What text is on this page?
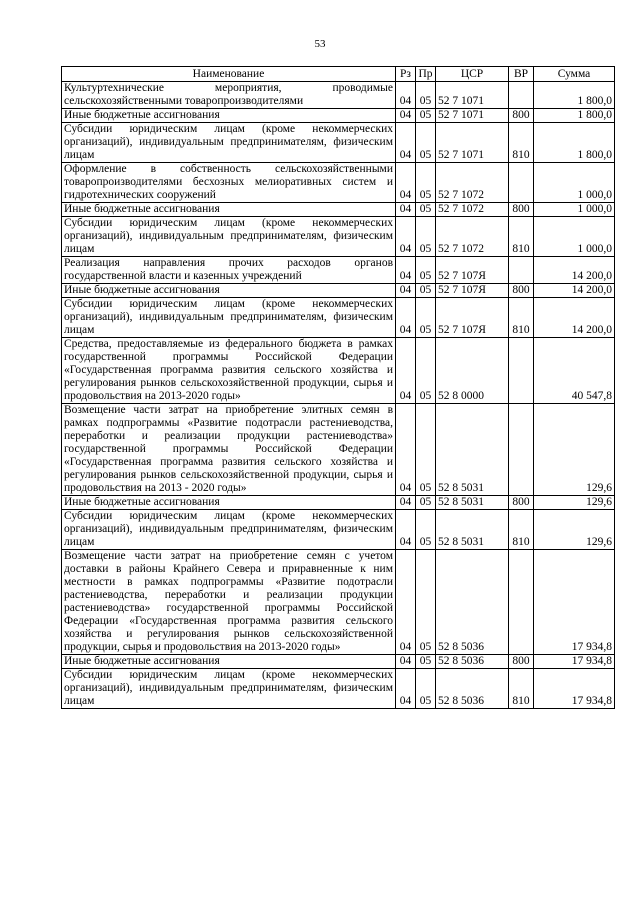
53
Наименование	Рз	Пр	ЦСР	ВР	Сумма
Культуртехнические мероприятия, проводимые сельскохозяйственными товаропроизводителями	04	05	52 7 1071		1 800,0
Иные бюджетные ассигнования	04	05	52 7 1071	800	1 800,0
Субсидии юридическим лицам (кроме некоммерческих организаций), индивидуальным предпринимателям, физическим лицам	04	05	52 7 1071	810	1 800,0
Оформление в собственность сельскохозяйственными товаропроизводителями бесхозных мелиоративных систем и гидротехнических сооружений	04	05	52 7 1072		1 000,0
Иные бюджетные ассигнования	04	05	52 7 1072	800	1 000,0
Субсидии юридическим лицам (кроме некоммерческих организаций), индивидуальным предпринимателям, физическим лицам	04	05	52 7 1072	810	1 000,0
Реализация направления прочих расходов органов государственной власти и казенных учреждений	04	05	52 7 107Я		14 200,0
Иные бюджетные ассигнования	04	05	52 7 107Я	800	14 200,0
Субсидии юридическим лицам (кроме некоммерческих организаций), индивидуальным предпринимателям, физическим лицам	04	05	52 7 107Я	810	14 200,0
Средства, предоставляемые из федерального бюджета в рамках государственной программы Российской Федерации «Государственная программа развития сельского хозяйства и регулирования рынков сельскохозяйственной продукции, сырья и продовольствия на 2013-2020 годы»	04	05	52 8 0000		40 547,8
Возмещение части затрат на приобретение элитных семян в рамках подпрограммы «Развитие подотрасли растениеводства, переработки и реализации продукции растениеводства» государственной программы Российской Федерации «Государственная программа развития сельского хозяйства и регулирования рынков сельскохозяйственной продукции, сырья и продовольствия на 2013 - 2020 годы»	04	05	52 8 5031		129,6
Иные бюджетные ассигнования	04	05	52 8 5031	800	129,6
Субсидии юридическим лицам (кроме некоммерческих организаций), индивидуальным предпринимателям, физическим лицам	04	05	52 8 5031	810	129,6
Возмещение части затрат на приобретение семян с учетом доставки в районы Крайнего Севера и приравненные к ним местности в рамках подпрограммы «Развитие подотрасли растениеводства, переработки и реализации продукции растениеводства» государственной программы Российской Федерации «Государственная программа развития сельского хозяйства и регулирования рынков сельскохозяйственной продукции, сырья и продовольствия на 2013-2020 годы»	04	05	52 8 5036		17 934,8
Иные бюджетные ассигнования	04	05	52 8 5036	800	17 934,8
Субсидии юридическим лицам (кроме некоммерческих организаций), индивидуальным предпринимателям, физическим лицам	04	05	52 8 5036	810	17 934,8
